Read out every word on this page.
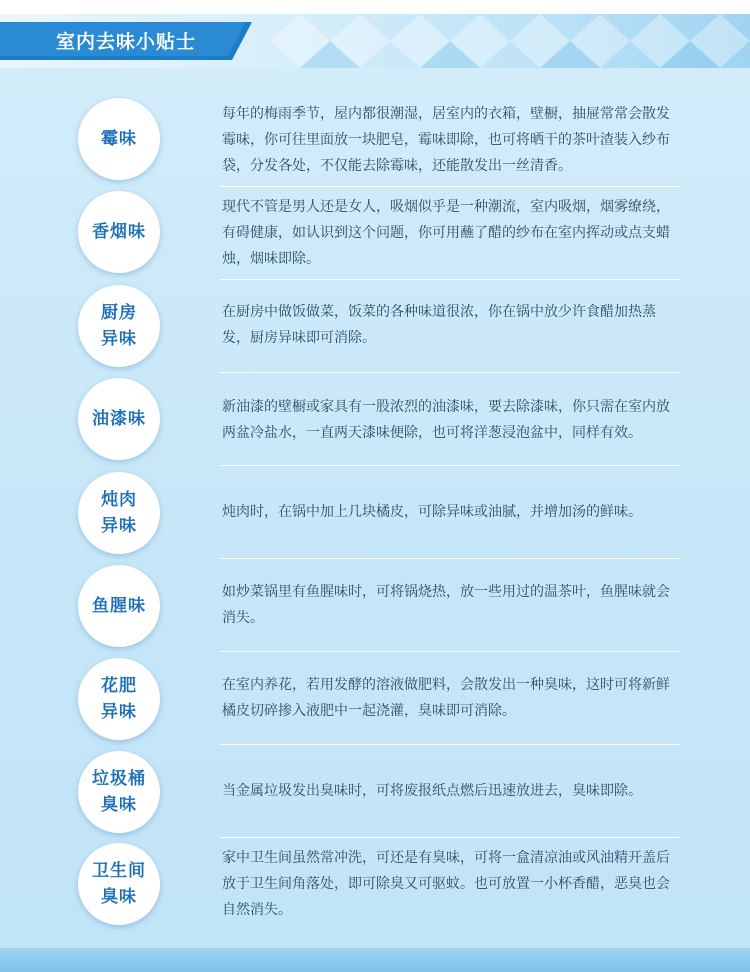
室内去味小贴士
霉味
每年的梅雨季节，屋内都很潮湿，居室内的衣箱，壁橱，抽屉常常会散发霉味，你可往里面放一块肥皂，霉味即除，也可将晒干的茶叶渣装入纱布袋，分发各处，不仅能去除霉味，还能散发出一丝清香。
香烟味
现代不管是男人还是女人，吸烟似乎是一种潮流，室内吸烟，烟雾缭绕，有碍健康，如认识到这个问题，你可用蘸了醋的纱布在室内挥动或点支蜡烛，烟味即除。
厨房
异味
在厨房中做饭做菜，饭菜的各种味道很浓，你在锅中放少许食醋加热蒸发，厨房异味即可消除。
油漆味
新油漆的壁橱或家具有一股浓烈的油漆味，要去除漆味，你只需在室内放两盆冷盐水，一直两天漆味便除，也可将洋葱浸泡盆中，同样有效。
炖肉
异味
炖肉时，在锅中加上几块橘皮，可除异味或油腻，并增加汤的鲜味。
鱼腥味
如炒菜锅里有鱼腥味时，可将锅烧热，放一些用过的温茶叶，鱼腥味就会消失。
花肥
异味
在室内养花，若用发酵的溶液做肥料，会散发出一种臭味，这时可将新鲜橘皮切碎掺入液肥中一起浇灌，臭味即可消除。
垃圾桶
臭味
当金属垃圾发出臭味时，可将废报纸点燃后迅速放进去，臭味即除。
卫生间
臭味
家中卫生间虽然常冲洗，可还是有臭味，可将一盒清凉油或风油精开盖后放于卫生间角落处，即可除臭又可驱蚊。也可放置一小杯香醋，恶臭也会自然消失。
